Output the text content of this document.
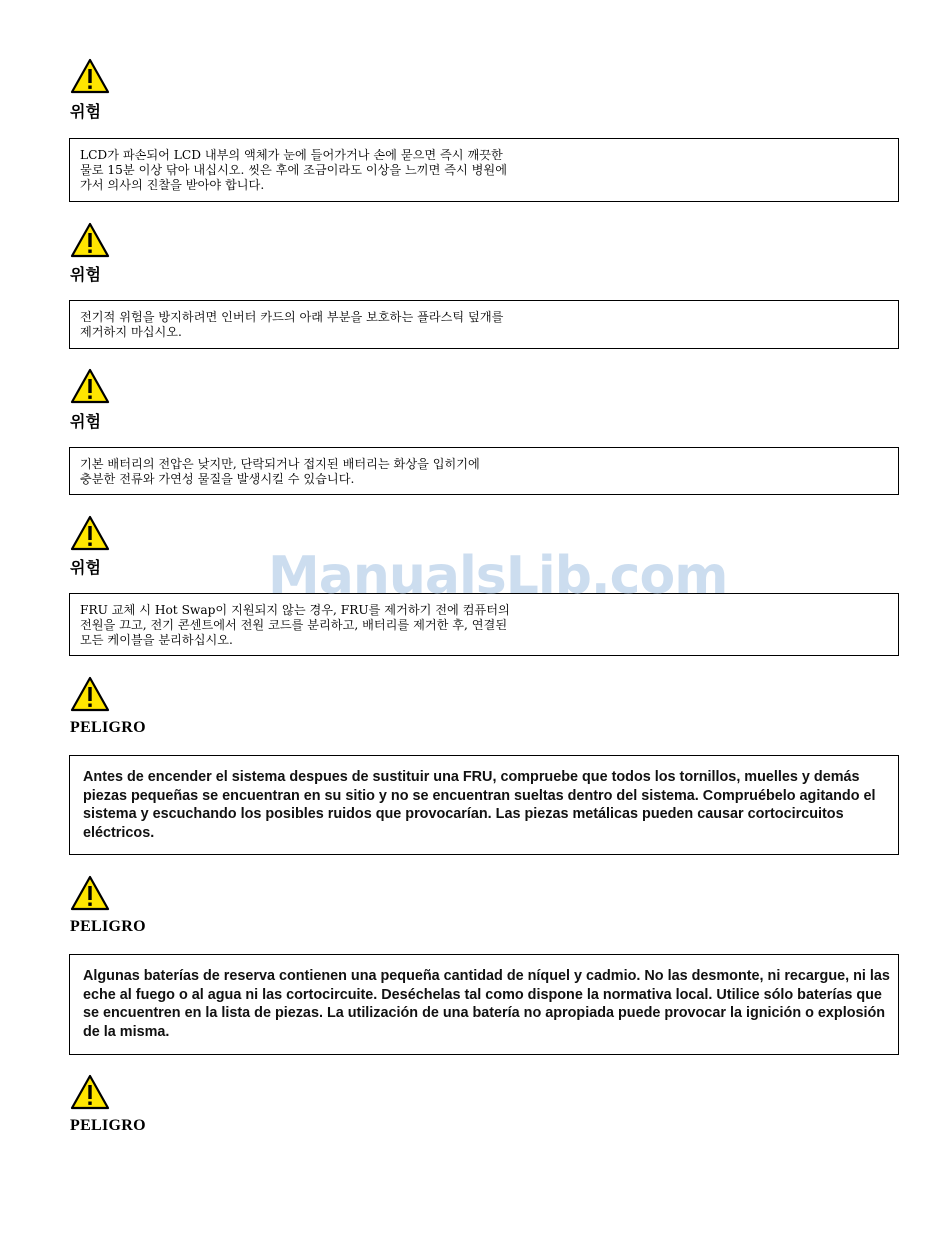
위험

LCD가 파손되어 LCD 내부의 액체가 눈에 들어가거나 손에 묻으면 즉시 깨끗한
물로 15분 이상 닦아 내십시오. 씻은 후에 조금이라도 이상을 느끼면 즉시 병원에
가서 의사의 진찰을 받아야 합니다.

위험

전기적 위험을 방지하려면 인버터 카드의 아래 부분을 보호하는 플라스틱 덮개를
제거하지 마십시오.

위험

기본 배터리의 전압은 낮지만, 단락되거나 접지된 배터리는 화상을 입히기에
충분한 전류와 가연성 물질을 발생시킬 수 있습니다.

위험

FRU 교체 시 Hot Swap이 지원되지 않는 경우, FRU를 제거하기 전에 컴퓨터의
전원을 끄고, 전기 콘센트에서 전원 코드를 분리하고, 배터리를 제거한 후, 연결된
모든 케이블을 분리하십시오.

ManualsLib.com
PELIGRO

Antes de encender el sistema despues de sustituir una FRU, compruebe que todos los tornillos, muelles y demás piezas pequeñas se encuentran en su sitio y no se encuentran sueltas dentro del sistema. Compruébelo agitando el sistema y escuchando los posibles ruidos que provocarían. Las piezas metálicas pueden causar cortocircuitos eléctricos.

PELIGRO

Algunas baterías de reserva contienen una pequeña cantidad de níquel y cadmio. No las desmonte, ni recargue, ni las eche al fuego o al agua ni las cortocircuite. Deséchelas tal como dispone la normativa local. Utilice sólo baterías que se encuentren en la lista de piezas. La utilización de una batería no apropiada puede provocar la ignición o explosión de la misma.

PELIGRO
